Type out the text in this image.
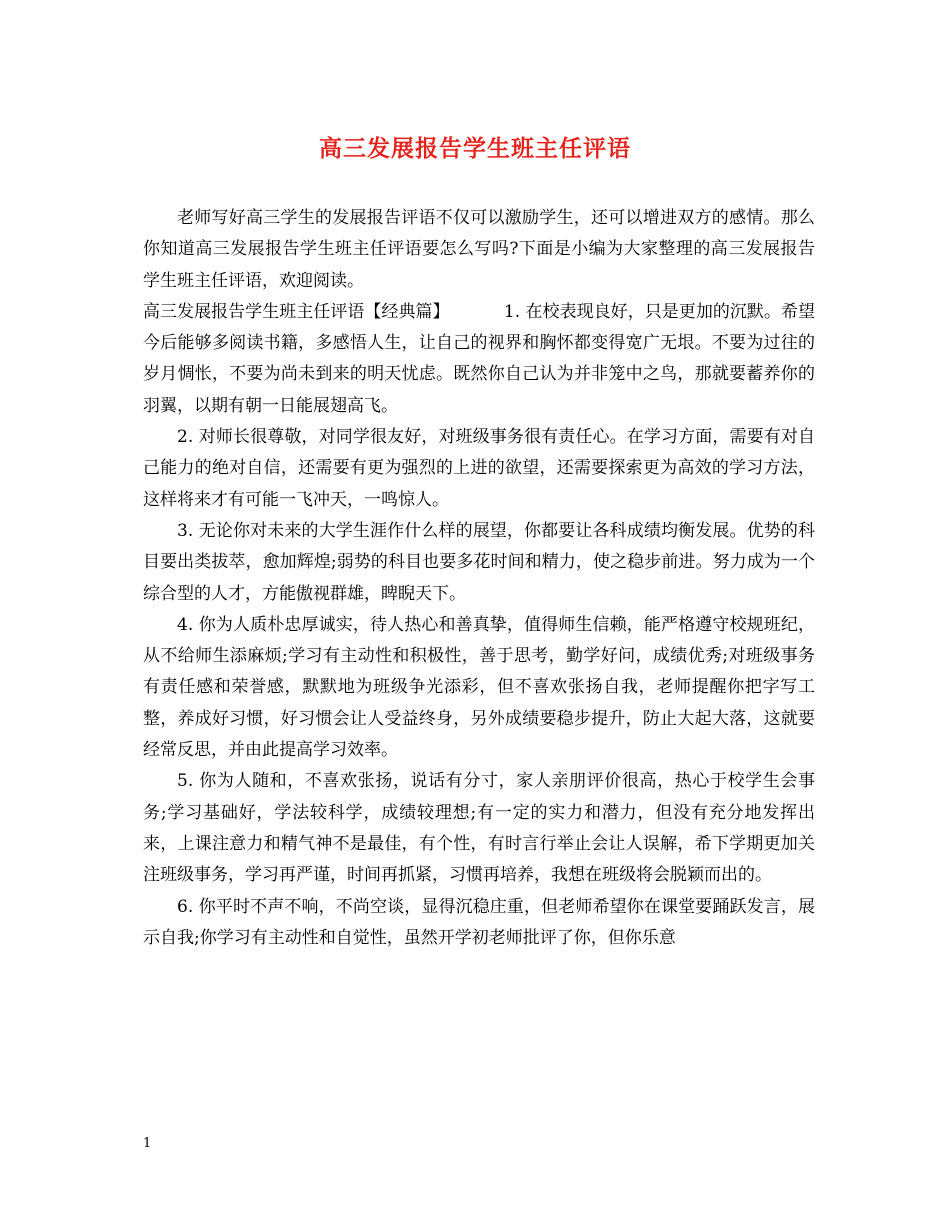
高三发展报告学生班主任评语

老师写好高三学生的发展报告评语不仅可以激励学生，还可以增进双方的感情。那么你知道高三发展报告学生班主任评语要怎么写吗?下面是小编为大家整理的高三发展报告学生班主任评语，欢迎阅读。

高三发展报告学生班主任评语【经典篇】	1. 在校表现良好，只是更加的沉默。希望今后能够多阅读书籍，多感悟人生，让自己的视界和胸怀都变得宽广无垠。不要为过往的岁月惆怅，不要为尚未到来的明天忧虑。既然你自己认为并非笼中之鸟，那就要蓄养你的羽翼，以期有朝一日能展翅高飞。

2. 对师长很尊敬，对同学很友好，对班级事务很有责任心。在学习方面，需要有对自己能力的绝对自信，还需要有更为强烈的上进的欲望，还需要探索更为高效的学习方法，这样将来才有可能一飞冲天，一鸣惊人。

3. 无论你对未来的大学生涯作什么样的展望，你都要让各科成绩均衡发展。优势的科目要出类拔萃，愈加辉煌;弱势的科目也要多花时间和精力，使之稳步前进。努力成为一个综合型的人才，方能傲视群雄，睥睨天下。

4. 你为人质朴忠厚诚实，待人热心和善真挚，值得师生信赖，能严格遵守校规班纪，从不给师生添麻烦;学习有主动性和积极性，善于思考，勤学好问，成绩优秀;对班级事务有责任感和荣誉感，默默地为班级争光添彩，但不喜欢张扬自我，老师提醒你把字写工整，养成好习惯，好习惯会让人受益终身，另外成绩要稳步提升，防止大起大落，这就要经常反思，并由此提高学习效率。

5. 你为人随和，不喜欢张扬，说话有分寸，家人亲朋评价很高，热心于校学生会事务;学习基础好，学法较科学，成绩较理想;有一定的实力和潜力，但没有充分地发挥出来，上课注意力和精气神不是最佳，有个性，有时言行举止会让人误解，希下学期更加关注班级事务，学习再严谨，时间再抓紧，习惯再培养，我想在班级将会脱颖而出的。

6. 你平时不声不响，不尚空谈，显得沉稳庄重，但老师希望你在课堂要踊跃发言，展示自我;你学习有主动性和自觉性，虽然开学初老师批评了你，但你乐意

1
